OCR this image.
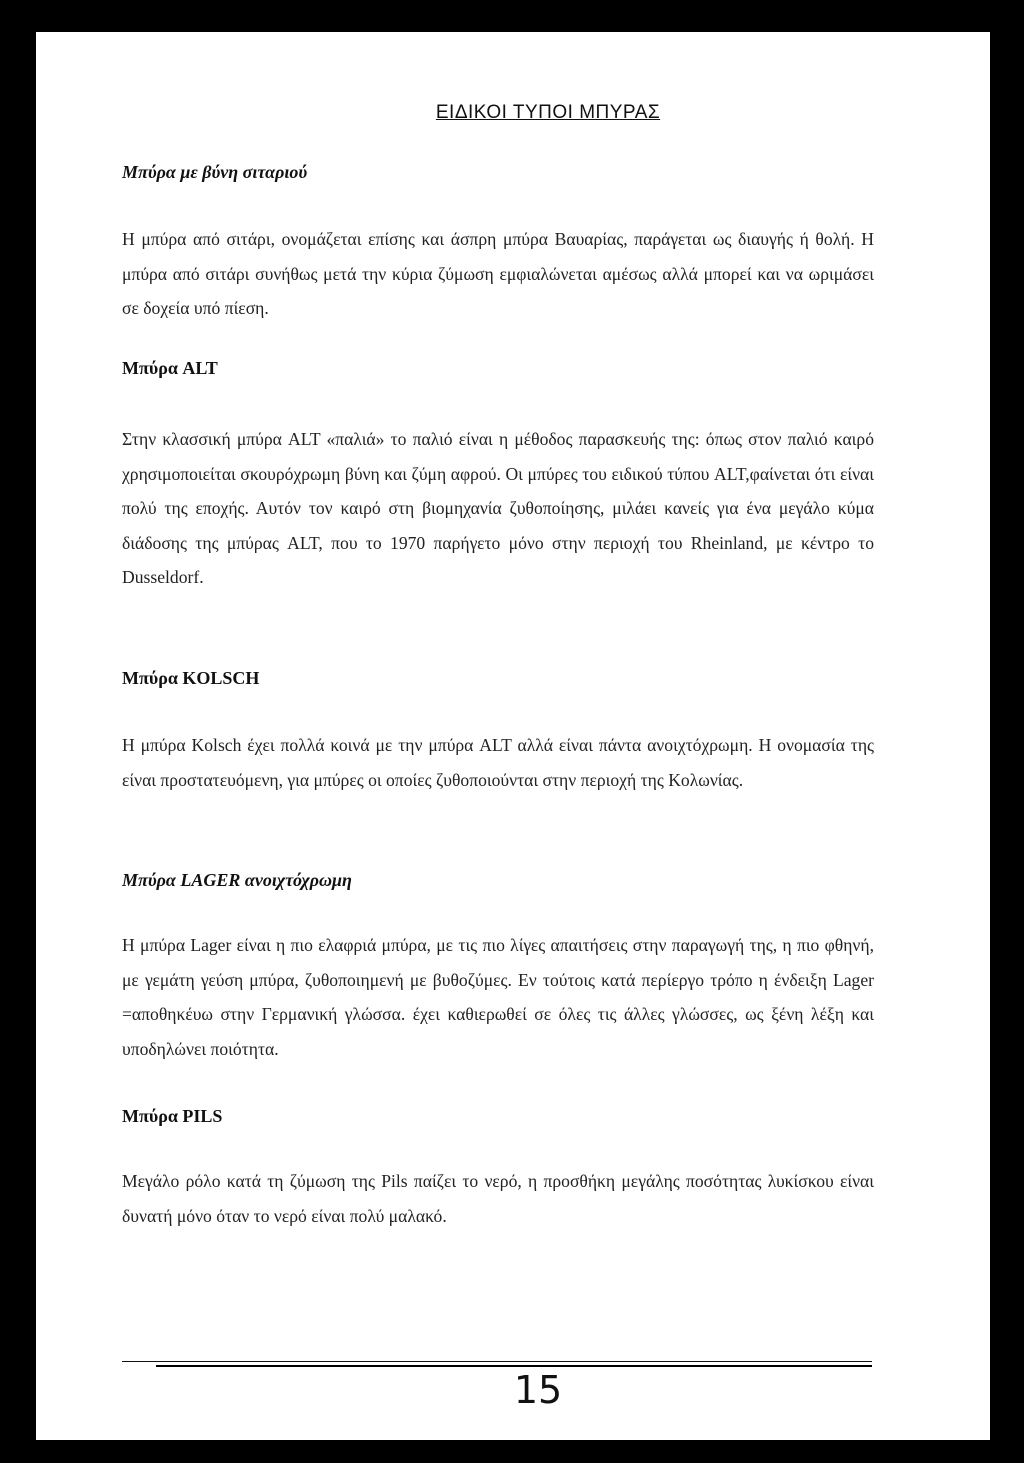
ΕΙΔΙΚΟΙ ΤΥΠΟΙ ΜΠΥΡΑΣ
Μπύρα με βύνη σιταριού

Η μπύρα από σιτάρι, ονομάζεται επίσης και άσπρη μπύρα Βαυαρίας, παράγεται ως διαυγής ή θολή. Η μπύρα από σιτάρι συνήθως μετά την κύρια ζύμωση εμφιαλώνεται αμέσως αλλά μπορεί και να ωριμάσει σε δοχεία υπό πίεση.

Μπύρα ALT

Στην κλασσική μπύρα ALT «παλιά» το παλιό είναι η μέθοδος παρασκευής της: όπως στον παλιό καιρό χρησιμοποιείται σκουρόχρωμη βύνη και ζύμη αφρού. Οι μπύρες του ειδικού τύπου ALT,φαίνεται ότι είναι πολύ της εποχής. Αυτόν τον καιρό στη βιομηχανία ζυθοποίησης, μιλάει κανείς για ένα μεγάλο κύμα διάδοσης της μπύρας ALT, που το 1970 παρήγετο μόνο στην περιοχή του Rheinland, με κέντρο το Dusseldorf.

Μπύρα KOLSCH

Η μπύρα Kolsch έχει πολλά κοινά με την μπύρα ALT αλλά είναι πάντα ανοιχτόχρωμη. Η ονομασία της είναι προστατευόμενη, για μπύρες οι οποίες ζυθοποιούνται στην περιοχή της Κολωνίας.

Μπύρα LAGER ανοιχτόχρωμη

Η μπύρα Lager είναι η πιο ελαφριά μπύρα, με τις πιο λίγες απαιτήσεις στην παραγωγή της, η πιο φθηνή, με γεμάτη γεύση μπύρα, ζυθοποιημενή με βυθοζύμες. Εν τούτοις κατά περίεργο τρόπο η ένδειξη Lager =αποθηκέυω στην Γερμανική γλώσσα. έχει καθιερωθεί σε όλες τις άλλες γλώσσες, ως ξένη λέξη και υποδηλώνει ποιότητα.

Μπύρα PILS

Μεγάλο ρόλο κατά τη ζύμωση της Pils παίζει το νερό, η προσθήκη μεγάλης ποσότητας λυκίσκου είναι δυνατή μόνο όταν το νερό είναι πολύ μαλακό.

15
